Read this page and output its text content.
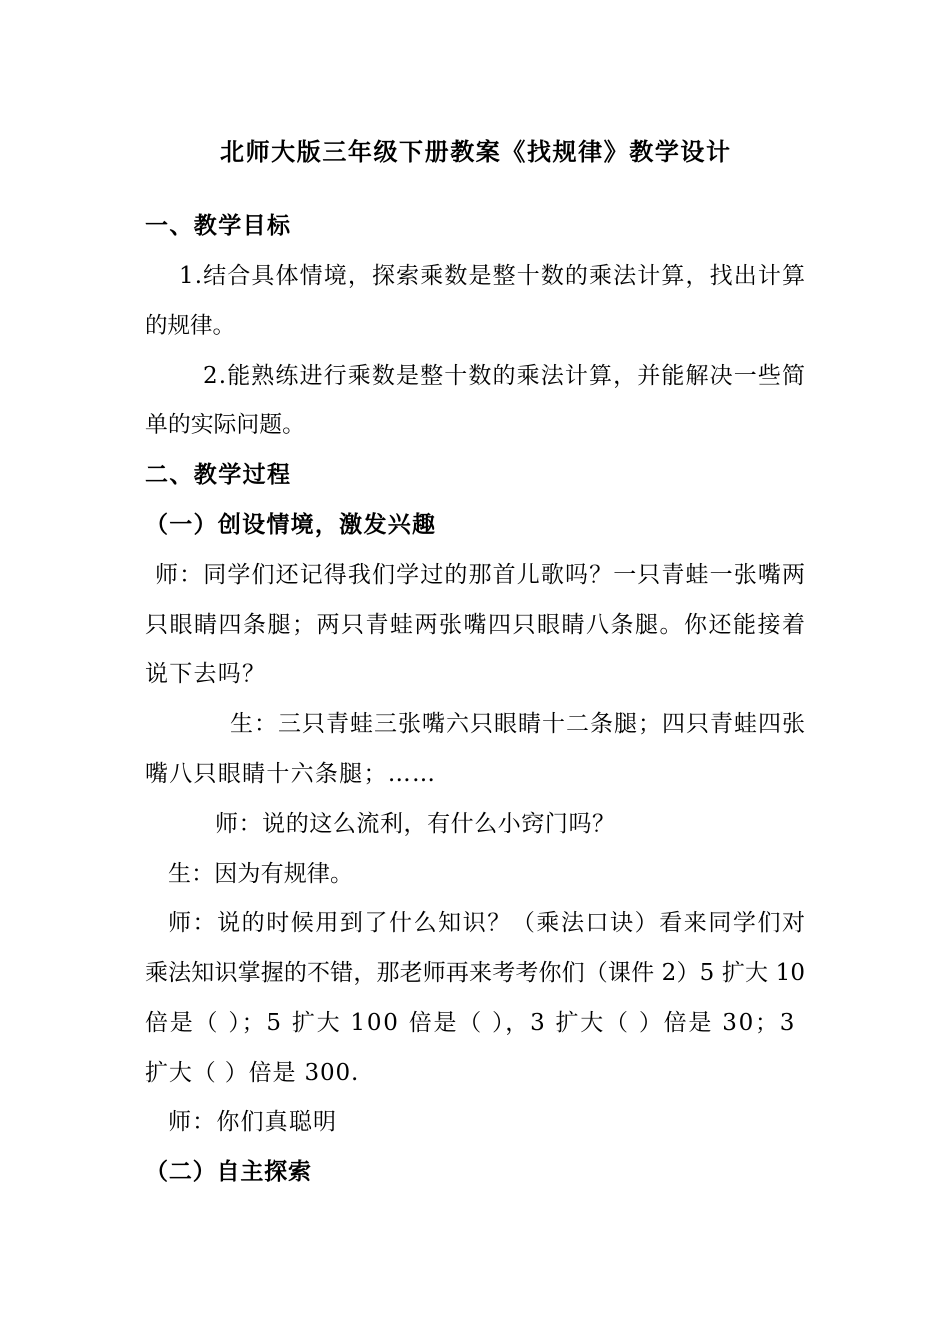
北师大版三年级下册教案《找规律》教学设计
一、教学目标
1.结合具体情境，探索乘数是整十数的乘法计算，找出计算
的规律。
2.能熟练进行乘数是整十数的乘法计算，并能解决一些简
单的实际问题。
二、教学过程
（一）创设情境，激发兴趣
师：同学们还记得我们学过的那首儿歌吗？一只青蛙一张嘴两
只眼睛四条腿；两只青蛙两张嘴四只眼睛八条腿。你还能接着
说下去吗？
生：三只青蛙三张嘴六只眼睛十二条腿；四只青蛙四张
嘴八只眼睛十六条腿；……
师：说的这么流利，有什么小窍门吗？
生：因为有规律。
师：说的时候用到了什么知识？（乘法口诀）看来同学们对
乘法知识掌握的不错，那老师再来考考你们（课件 2）5 扩大 10
倍是（ ）；5 扩大 100 倍是（ ），3 扩大（ ）倍是 30；3
扩大（ ）倍是 300.
师：你们真聪明
（二）自主探索
